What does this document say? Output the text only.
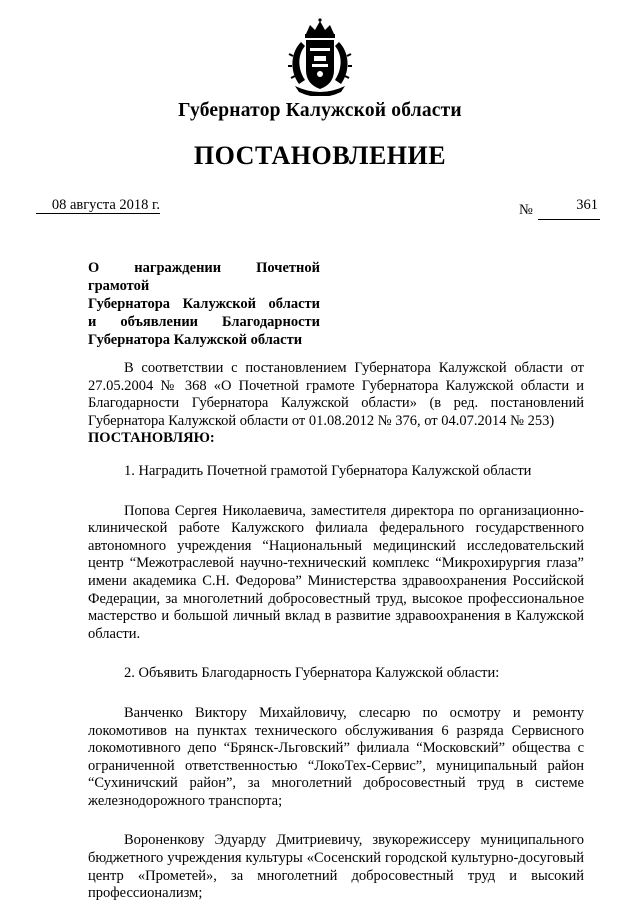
Губернатор Калужской области
ПОСТАНОВЛЕНИЕ
08 августа 2018 г.	№	361
О награждении Почетной грамотой
Губернатора Калужской области
и объявлении Благодарности
Губернатора Калужской области

В соответствии с постановлением Губернатора Калужской области от 27.05.2004 № 368 «О Почетной грамоте Губернатора Калужской области и Благодарности Губернатора Калужской области» (в ред. постановлений Губернатора Калужской области от 01.08.2012 № 376, от 04.07.2014 № 253)

ПОСТАНОВЛЯЮ:

1. Наградить Почетной грамотой Губернатора Калужской области

Попова Сергея Николаевича, заместителя директора по организационно-клинической работе Калужского филиала федерального государственного автономного учреждения “Национальный медицинский исследовательский центр “Межотраслевой научно-технический комплекс “Микрохирургия глаза” имени академика С.Н. Федорова” Министерства здравоохранения Российской Федерации, за многолетний добросовестный труд, высокое профессиональное мастерство и большой личный вклад в развитие здравоохранения в Калужской области.

2. Объявить Благодарность Губернатора Калужской области:

Ванченко Виктору Михайловичу, слесарю по осмотру и ремонту локомотивов на пунктах технического обслуживания 6 разряда Сервисного локомотивного депо “Брянск-Льговский” филиала “Московский” общества с ограниченной ответственностью “ЛокоТех-Сервис”, муниципальный район “Сухиничский район”, за многолетний добросовестный труд в системе железнодорожного транспорта;

Вороненкову Эдуарду Дмитриевичу, звукорежиссеру муниципального бюджетного учреждения культуры «Сосенский городской культурно-досуговый центр «Прометей», за многолетний добросовестный труд и высокий профессионализм;
